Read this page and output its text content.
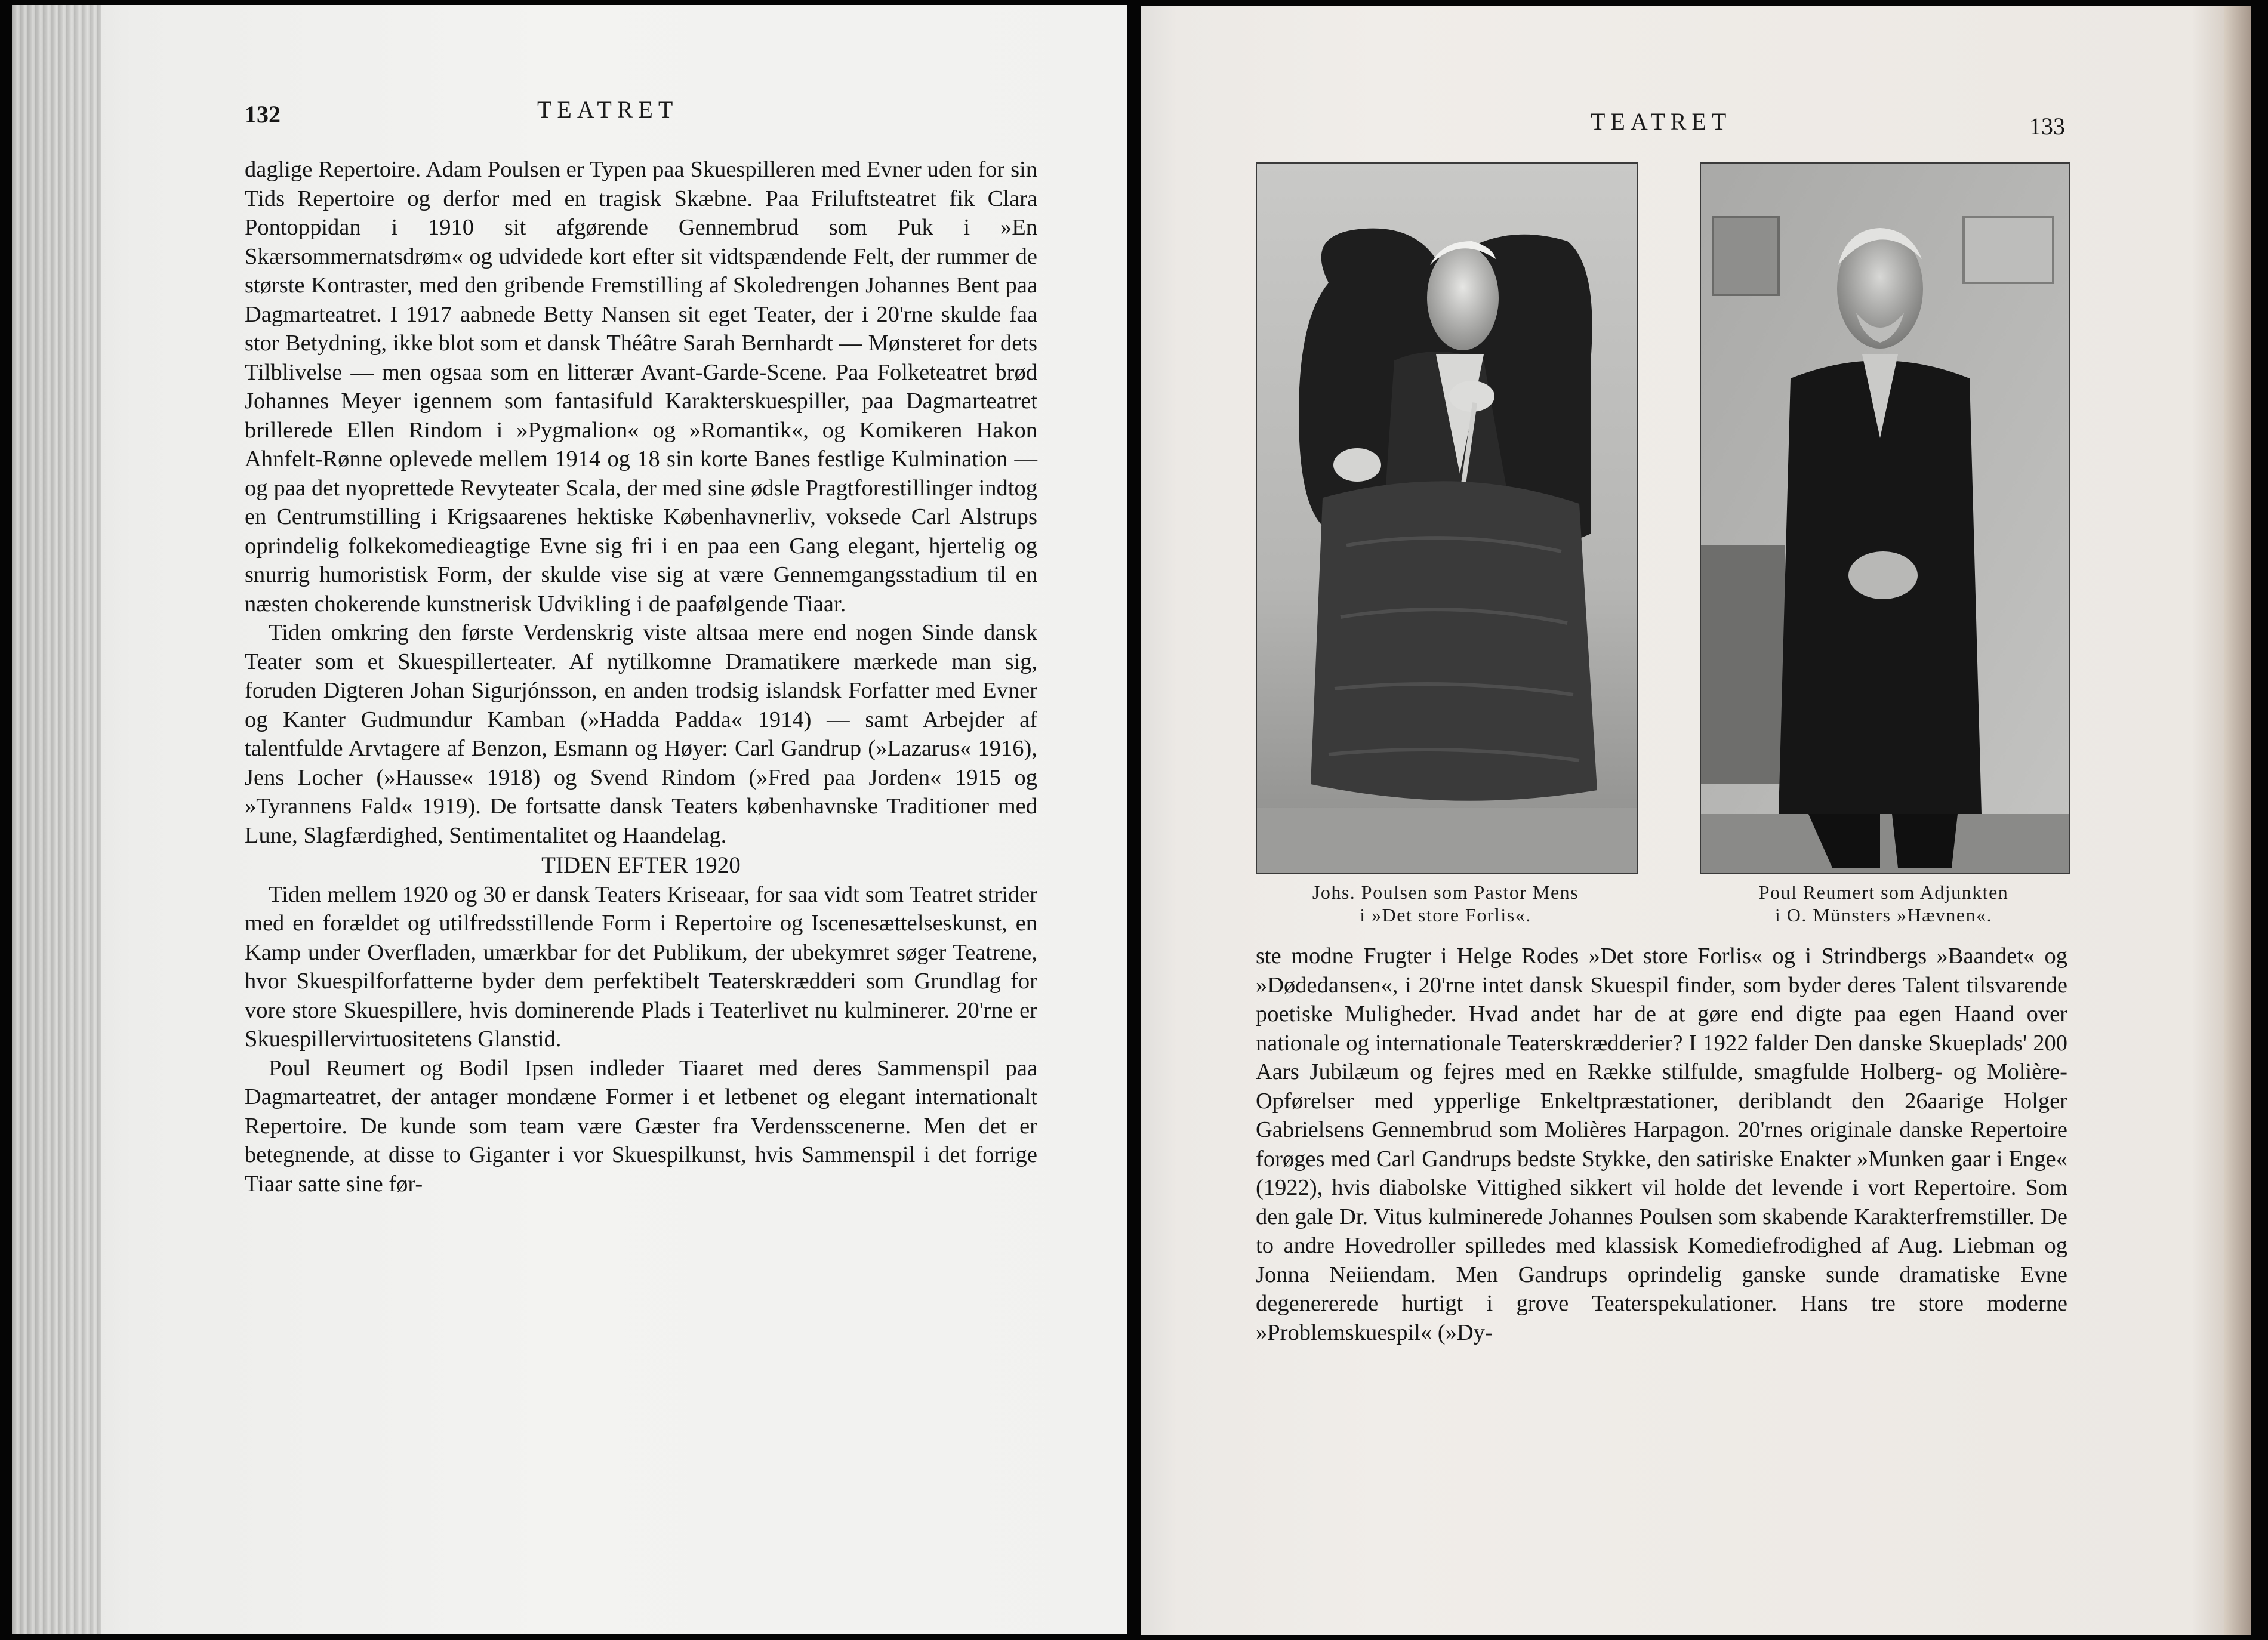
132	TEATRET

daglige Repertoire. Adam Poulsen er Typen paa Skuespilleren med Evner uden for sin Tids Repertoire og derfor med en tragisk Skæbne. Paa Friluftsteatret fik Clara Pontoppidan i 1910 sit afgørende Gennembrud som Puk i »En Skærsommernatsdrøm« og udvidede kort efter sit vidtspændende Felt, der rummer de største Kontraster, med den gribende Fremstilling af Skoledrengen Johannes Bent paa Dagmarteatret. I 1917 aabnede Betty Nansen sit eget Teater, der i 20'rne skulde faa stor Betydning, ikke blot som et dansk Théâtre Sarah Bernhardt — Mønsteret for dets Tilblivelse — men ogsaa som en litterær Avant-Garde-Scene. Paa Folketeatret brød Johannes Meyer igennem som fantasifuld Karakterskuespiller, paa Dagmarteatret brillerede Ellen Rindom i »Pygmalion« og »Romantik«, og Komikeren Hakon Ahnfelt-Rønne oplevede mellem 1914 og 18 sin korte Banes festlige Kulmination — og paa det nyoprettede Revyteater Scala, der med sine ødsle Pragtforestillinger indtog en Centrumstilling i Krigsaarenes hektiske Københavnerliv, voksede Carl Alstrups oprindelig folkekomedieagtige Evne sig fri i en paa een Gang elegant, hjertelig og snurrig humoristisk Form, der skulde vise sig at være Gennemgangsstadium til en næsten chokerende kunstnerisk Udvikling i de paafølgende Tiaar.

Tiden omkring den første Verdenskrig viste altsaa mere end nogen Sinde dansk Teater som et Skuespillerteater. Af nytilkomne Dramatikere mærkede man sig, foruden Digteren Johan Sigurjónsson, en anden trodsig islandsk Forfatter med Evner og Kanter Gudmundur Kamban (»Hadda Padda« 1914) — samt Arbejder af talentfulde Arvtagere af Benzon, Esmann og Høyer: Carl Gandrup (»Lazarus« 1916), Jens Locher (»Hausse« 1918) og Svend Rindom (»Fred paa Jorden« 1915 og »Tyrannens Fald« 1919). De fortsatte dansk Teaters københavnske Traditioner med Lune, Slagfærdighed, Sentimentalitet og Haandelag.

TIDEN EFTER 1920

Tiden mellem 1920 og 30 er dansk Teaters Kriseaar, for saa vidt som Teatret strider med en forældet og utilfredsstillende Form i Repertoire og Iscenesættelseskunst, en Kamp under Overfladen, umærkbar for det Publikum, der ubekymret søger Teatrene, hvor Skuespilforfatterne byder dem perfektibelt Teaterskrædderi som Grundlag for vore store Skuespillere, hvis dominerende Plads i Teaterlivet nu kulminerer. 20'rne er Skuespillervirtuositetens Glanstid.

Poul Reumert og Bodil Ipsen indleder Tiaaret med deres Sammenspil paa Dagmarteatret, der antager mondæne Former i et letbenet og elegant internationalt Repertoire. De kunde som team være Gæster fra Verdensscenerne. Men det er betegnende, at disse to Giganter i vor Skuespilkunst, hvis Sammenspil i det forrige Tiaar satte sine før-

TEATRET	133
Johs. Poulsen som Pastor Mens
i »Det store Forlis«.
Poul Reumert som Adjunkten
i O. Münsters »Hævnen«.

ste modne Frugter i Helge Rodes »Det store Forlis« og i Strindbergs »Baandet« og »Dødedansen«, i 20'rne intet dansk Skuespil finder, som byder deres Talent tilsvarende poetiske Muligheder. Hvad andet har de at gøre end digte paa egen Haand over nationale og internationale Teaterskrædderier? I 1922 falder Den danske Skueplads' 200 Aars Jubilæum og fejres med en Række stilfulde, smagfulde Holberg- og Molière-Opførelser med ypperlige Enkeltpræstationer, deriblandt den 26aarige Holger Gabrielsens Gennembrud som Molières Harpagon. 20'rnes originale danske Repertoire forøges med Carl Gandrups bedste Stykke, den satiriske Enakter »Munken gaar i Enge« (1922), hvis diabolske Vittighed sikkert vil holde det levende i vort Repertoire. Som den gale Dr. Vitus kulminerede Johannes Poulsen som skabende Karakterfremstiller. De to andre Hovedroller spilledes med klassisk Komediefrodighed af Aug. Liebman og Jonna Neiiendam. Men Gandrups oprindelig ganske sunde dramatiske Evne degenererede hurtigt i grove Teaterspekulationer. Hans tre store moderne »Problemskuespil« (»Dy-
